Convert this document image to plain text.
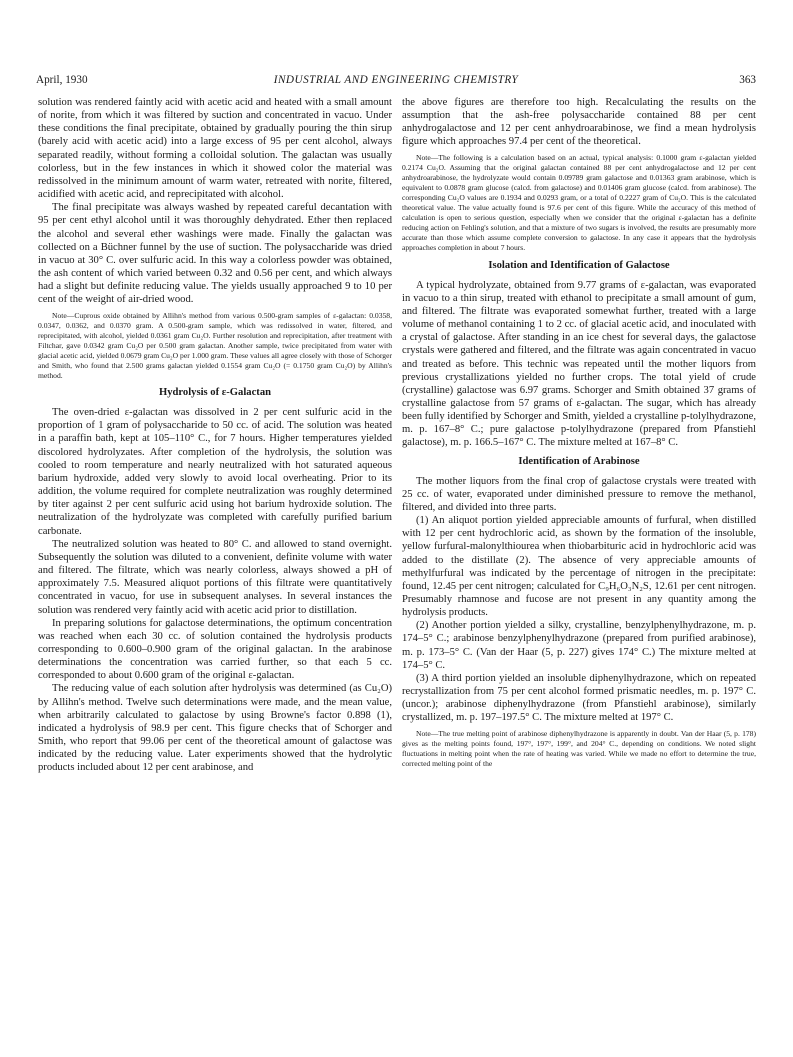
April, 1930	INDUSTRIAL AND ENGINEERING CHEMISTRY	363

solution was rendered faintly acid with acetic acid and heated with a small amount of norite, from which it was filtered by suction and concentrated in vacuo. Under these conditions the final precipitate, obtained by gradually pouring the thin sirup (barely acid with acetic acid) into a large excess of 95 per cent alcohol, always separated readily, without forming a colloidal solution. The galactan was usually colorless, but in the few instances in which it showed color the material was redissolved in the minimum amount of warm water, retreated with norite, filtered, acidified with acetic acid, and reprecipitated with alcohol.

The final precipitate was always washed by repeated careful decantation with 95 per cent ethyl alcohol until it was thoroughly dehydrated. Ether then replaced the alcohol and several ether washings were made. Finally the galactan was collected on a Büchner funnel by the use of suction. The polysaccharide was dried in vacuo at 30° C. over sulfuric acid. In this way a colorless powder was obtained, the ash content of which varied between 0.32 and 0.56 per cent, and which always had a slight but definite reducing value. The yields usually approached 9 to 10 per cent of the weight of air-dried wood.

Note—Cuprous oxide obtained by Allihn's method from various 0.500-gram samples of ε-galactan: 0.0358, 0.0347, 0.0362, and 0.0370 gram. A 0.500-gram sample, which was redissolved in water, filtered, and reprecipitated, with alcohol, yielded 0.0361 gram Cu₂O. Further resolution and reprecipitation, after treatment with Filtchar, gave 0.0342 gram Cu₂O per 0.500 gram galactan. Another sample, twice precipitated from water with glacial acetic acid, yielded 0.0679 gram Cu₂O per 1.000 gram. These values all agree closely with those of Schorger and Smith, who found that 2.500 grams galactan yielded 0.1554 gram Cu₂O (= 0.1750 gram Cu₂O) by Allihn's method.

Hydrolysis of ε-Galactan

The oven-dried ε-galactan was dissolved in 2 per cent sulfuric acid in the proportion of 1 gram of polysaccharide to 50 cc. of acid. The solution was heated in a paraffin bath, kept at 105–110° C., for 7 hours. Higher temperatures yielded discolored hydrolyzates. After completion of the hydrolysis, the solution was cooled to room temperature and nearly neutralized with hot saturated aqueous barium hydroxide, added very slowly to avoid local overheating. Prior to its addition, the volume required for complete neutralization was roughly determined by titer against 2 per cent sulfuric acid using hot barium hydroxide solution. The neutralization of the hydrolyzate was completed with carefully purified barium carbonate.

The neutralized solution was heated to 80° C. and allowed to stand overnight. Subsequently the solution was diluted to a convenient, definite volume with water and filtered. The filtrate, which was nearly colorless, always showed a pH of approximately 7.5. Measured aliquot portions of this filtrate were quantitatively concentrated in vacuo, for use in subsequent analyses. In several instances the solution was rendered very faintly acid with acetic acid prior to distillation.

In preparing solutions for galactose determinations, the optimum concentration was reached when each 30 cc. of solution contained the hydrolysis products corresponding to 0.600–0.900 gram of the original galactan. In the arabinose determinations the concentration was carried further, so that each 5 cc. corresponded to about 0.600 gram of the original ε-galactan.

The reducing value of each solution after hydrolysis was determined (as Cu₂O) by Allihn's method. Twelve such determinations were made, and the mean value, when arbitrarily calculated to galactose by using Browne's factor 0.898 (1), indicated a hydrolysis of 98.9 per cent. This figure checks that of Schorger and Smith, who report that 99.06 per cent of the theoretical amount of galactose was indicated by the reducing value. Later experiments showed that the hydrolytic products included about 12 per cent arabinose, and

the above figures are therefore too high. Recalculating the results on the assumption that the ash-free polysaccharide contained 88 per cent anhydrogalactose and 12 per cent anhydroarabinose, we find a mean hydrolysis figure which approaches 97.4 per cent of the theoretical.

Note—The following is a calculation based on an actual, typical analysis: 0.1000 gram ε-galactan yielded 0.2174 Cu₂O. Assuming that the original galactan contained 88 per cent anhydrogalactose and 12 per cent anhydroarabinose, the hydrolyzate would contain 0.09789 gram galactose and 0.01363 gram arabinose, which is equivalent to 0.0878 gram glucose (calcd. from galactose) and 0.01406 gram glucose (calcd. from arabinose). The corresponding Cu₂O values are 0.1934 and 0.0293 gram, or a total of 0.2227 gram of Cu₂O. This is the calculated theoretical value. The value actually found is 97.6 per cent of this figure. While the accuracy of this method of calculation is open to serious question, especially when we consider that the original ε-galactan has a definite reducing action on Fehling's solution, and that a mixture of two sugars is involved, the results are presumably more accurate than those which assume complete conversion to galactose. In any case it appears that the hydrolysis approaches completion in about 7 hours.

Isolation and Identification of Galactose

A typical hydrolyzate, obtained from 9.77 grams of ε-galactan, was evaporated in vacuo to a thin sirup, treated with ethanol to precipitate a small amount of gum, and filtered. The filtrate was evaporated somewhat further, treated with a large volume of methanol containing 1 to 2 cc. of glacial acetic acid, and inoculated with a crystal of galactose. After standing in an ice chest for several days, the galactose crystals were gathered and filtered, and the filtrate was again concentrated in vacuo and treated as before. This technic was repeated until the mother liquors from previous crystallizations yielded no further crops. The total yield of crude (crystalline) galactose was 6.97 grams. Schorger and Smith obtained 37 grams of crystalline galactose from 57 grams of ε-galactan. The sugar, which has already been fully identified by Schorger and Smith, yielded a crystalline p-tolylhydrazone, m. p. 167–8° C.; pure galactose p-tolylhydrazone (prepared from Pfanstiehl galactose), m. p. 166.5–167° C. The mixture melted at 167–8° C.

Identification of Arabinose

The mother liquors from the final crop of galactose crystals were treated with 25 cc. of water, evaporated under diminished pressure to remove the methanol, filtered, and divided into three parts.

(1) An aliquot portion yielded appreciable amounts of furfural, when distilled with 12 per cent hydrochloric acid, as shown by the formation of the insoluble, yellow furfural-malonylthiourea when thiobarbituric acid in hydrochloric acid was added to the distillate (2). The absence of very appreciable amounts of methylfurfural was indicated by the percentage of nitrogen in the precipitate: found, 12.45 per cent nitrogen; calculated for C₉H₆O₃N₂S, 12.61 per cent nitrogen. Presumably rhamnose and fucose are not present in any quantity among the hydrolysis products.

(2) Another portion yielded a silky, crystalline, benzylphenylhydrazone, m. p. 174–5° C.; arabinose benzylphenylhydrazone (prepared from purified arabinose), m. p. 173–5° C. (Van der Haar (5, p. 227) gives 174° C.) The mixture melted at 174–5° C.

(3) A third portion yielded an insoluble diphenylhydrazone, which on repeated recrystallization from 75 per cent alcohol formed prismatic needles, m. p. 197° C. (uncor.); arabinose diphenylhydrazone (from Pfanstiehl arabinose), similarly crystallized, m. p. 197–197.5° C. The mixture melted at 197° C.

Note—The true melting point of arabinose diphenylhydrazone is apparently in doubt. Van der Haar (5, p. 178) gives as the melting points found, 197°, 197°, 199°, and 204° C., depending on conditions. We noted slight fluctuations in melting point when the rate of heating was varied. While we made no effort to determine the true, corrected melting point of the
